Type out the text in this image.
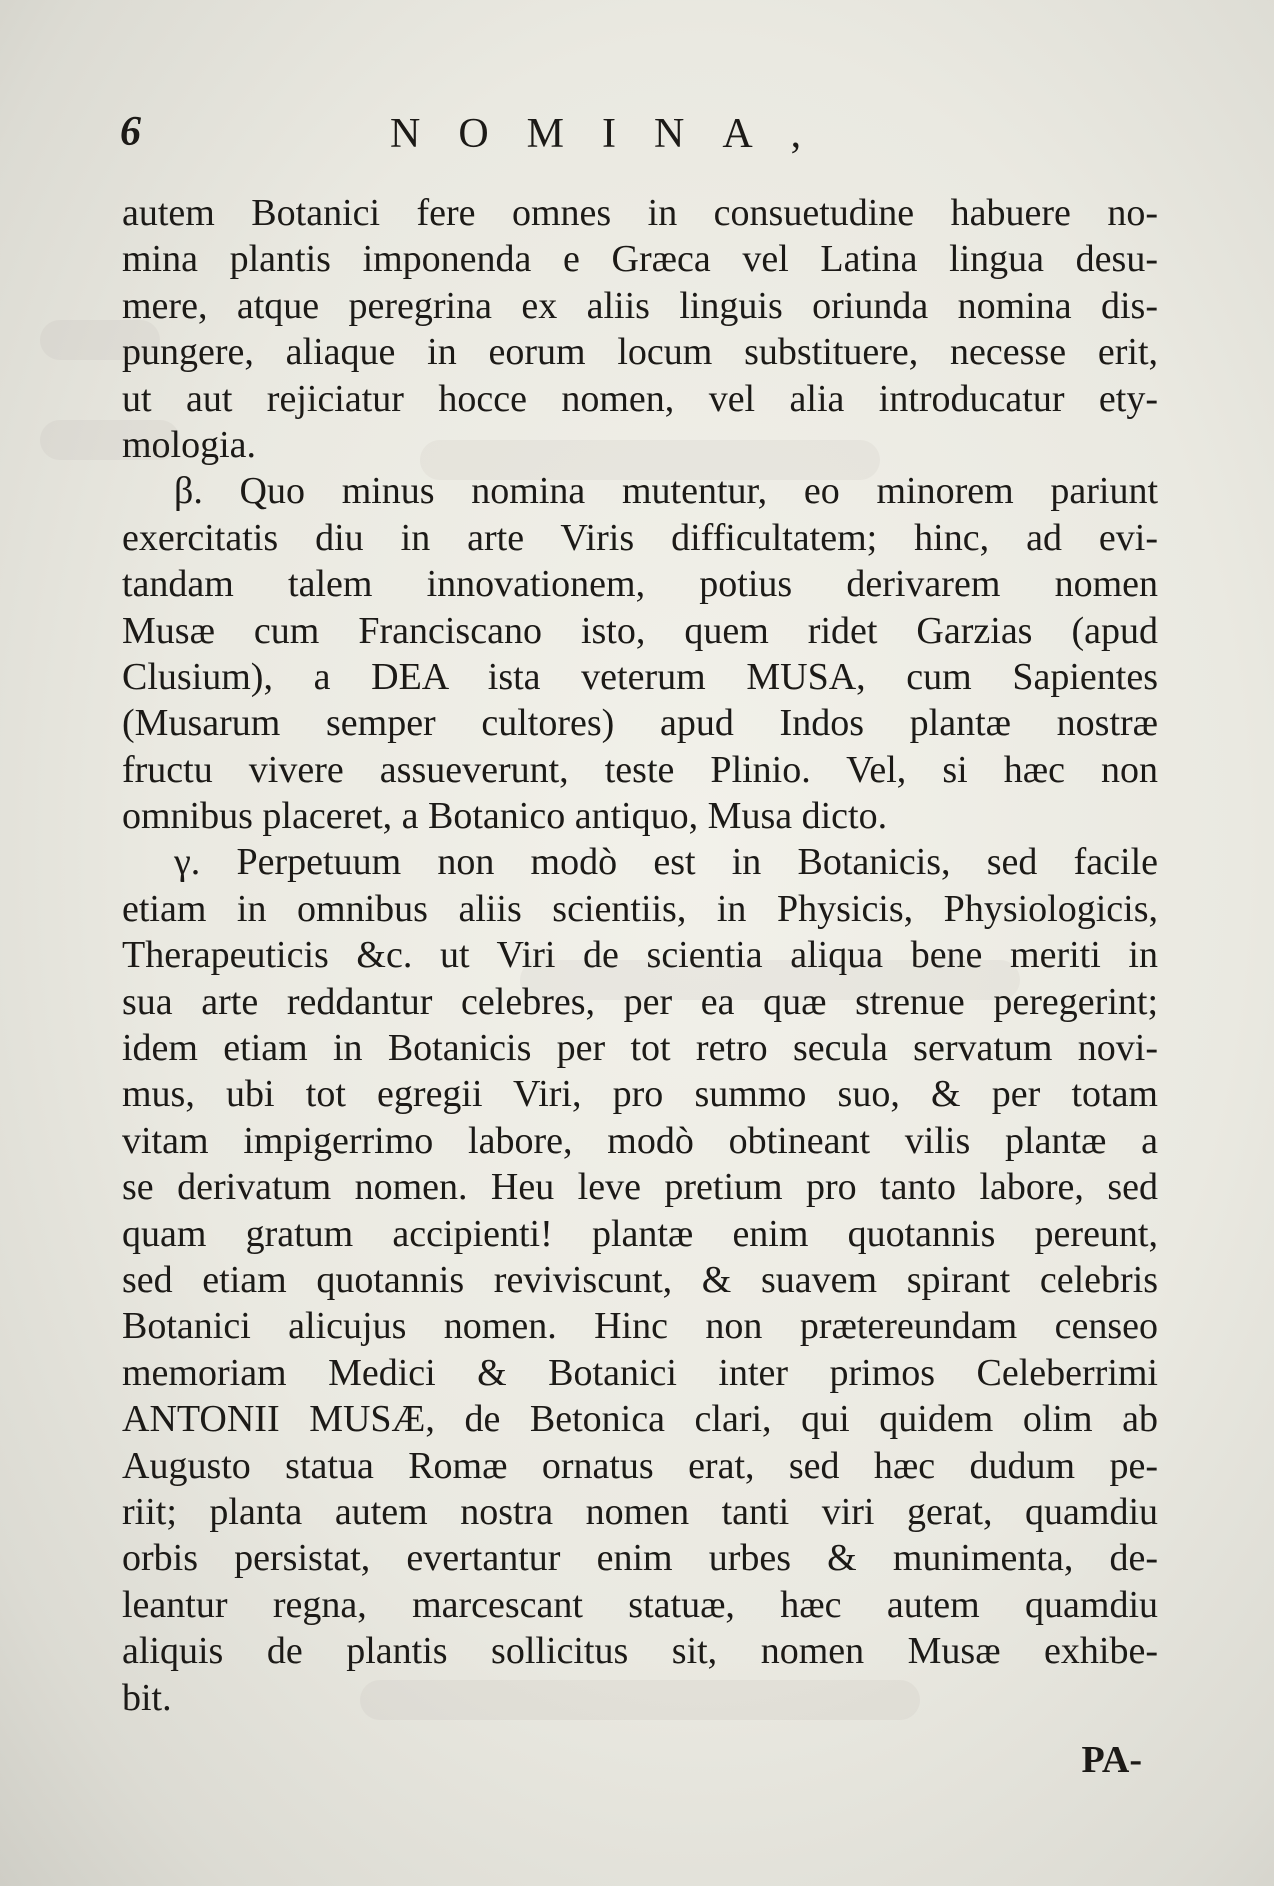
6	NOMINA,
autem Botanici fere omnes in consuetudine habuere no-
mina plantis imponenda e Græca vel Latina lingua desu-
mere, atque peregrina ex aliis linguis oriunda nomina dis-
pungere, aliaque in eorum locum substituere, necesse erit,
ut aut rejiciatur hocce nomen, vel alia introducatur ety-
mologia.
β. Quo minus nomina mutentur, eo minorem pariunt
exercitatis diu in arte Viris difficultatem; hinc, ad evi-
tandam talem innovationem, potius derivarem nomen
Musæ cum Franciscano isto, quem ridet Garzias (apud
Clusium), a DEA ista veterum MUSA, cum Sapientes
(Musarum semper cultores) apud Indos plantæ nostræ
fructu vivere assueverunt, teste Plinio. Vel, si hæc non
omnibus placeret, a Botanico antiquo, Musa dicto.
γ. Perpetuum non modò est in Botanicis, sed facile
etiam in omnibus aliis scientiis, in Physicis, Physiologicis,
Therapeuticis &c. ut Viri de scientia aliqua bene meriti in
sua arte reddantur celebres, per ea quæ strenue peregerint;
idem etiam in Botanicis per tot retro secula servatum novi-
mus, ubi tot egregii Viri, pro summo suo, & per totam
vitam impigerrimo labore, modò obtineant vilis plantæ a
se derivatum nomen. Heu leve pretium pro tanto labore, sed
quam gratum accipienti! plantæ enim quotannis pereunt,
sed etiam quotannis reviviscunt, & suavem spirant celebris
Botanici alicujus nomen. Hinc non prætereundam censeo
memoriam Medici & Botanici inter primos Celeberrimi
ANTONII MUSÆ, de Betonica clari, qui quidem olim ab
Augusto statua Romæ ornatus erat, sed hæc dudum pe-
riit; planta autem nostra nomen tanti viri gerat, quamdiu
orbis persistat, evertantur enim urbes & munimenta, de-
leantur regna, marcescant statuæ, hæc autem quamdiu
aliquis de plantis sollicitus sit, nomen Musæ exhibe-
bit.
PA-
